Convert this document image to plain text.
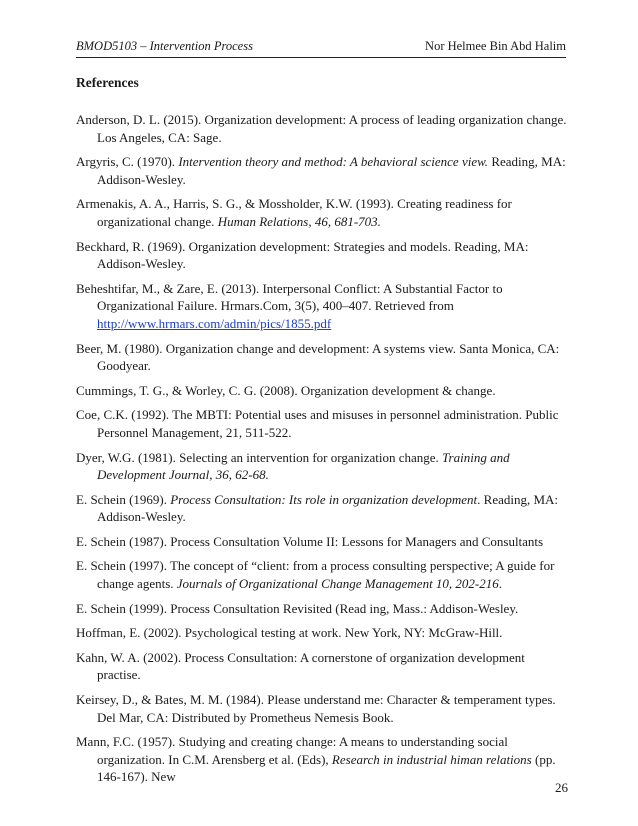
BMOD5103 – Intervention Process	Nor Helmee Bin Abd Halim
References

Anderson, D. L. (2015). Organization development: A process of leading organization change. Los Angeles, CA: Sage.

Argyris, C. (1970). Intervention theory and method: A behavioral science view. Reading, MA: Addison-Wesley.

Armenakis, A. A., Harris, S. G., & Mossholder, K.W. (1993). Creating readiness for organizational change. Human Relations, 46, 681-703.

Beckhard, R. (1969). Organization development: Strategies and models. Reading, MA: Addison-Wesley.

Beheshtifar, M., & Zare, E. (2013). Interpersonal Conflict: A Substantial Factor to Organizational Failure. Hrmars.Com, 3(5), 400–407. Retrieved from http://www.hrmars.com/admin/pics/1855.pdf

Beer, M. (1980). Organization change and development: A systems view. Santa Monica, CA: Goodyear.

Cummings, T. G., & Worley, C. G. (2008). Organization development & change.

Coe, C.K. (1992). The MBTI: Potential uses and misuses in personnel administration. Public Personnel Management, 21, 511-522.

Dyer, W.G. (1981). Selecting an intervention for organization change. Training and Development Journal, 36, 62-68.

E. Schein (1969). Process Consultation: Its role in organization development. Reading, MA: Addison-Wesley.

E. Schein (1987). Process Consultation Volume II: Lessons for Managers and Consultants

E. Schein (1997). The concept of “client: from a process consulting perspective; A guide for change agents. Journals of Organizational Change Management 10, 202-216.

E. Schein (1999). Process Consultation Revisited (Read ing, Mass.: Addison-Wesley.

Hoffman, E. (2002). Psychological testing at work. New York, NY: McGraw-Hill.

Kahn, W. A. (2002). Process Consultation: A cornerstone of organization development practise.

Keirsey, D., & Bates, M. M. (1984). Please understand me: Character & temperament types. Del Mar, CA: Distributed by Prometheus Nemesis Book.

Mann, F.C. (1957). Studying and creating change: A means to understanding social organization. In C.M. Arensberg et al. (Eds), Research in industrial himan relations (pp. 146-167). New

26
